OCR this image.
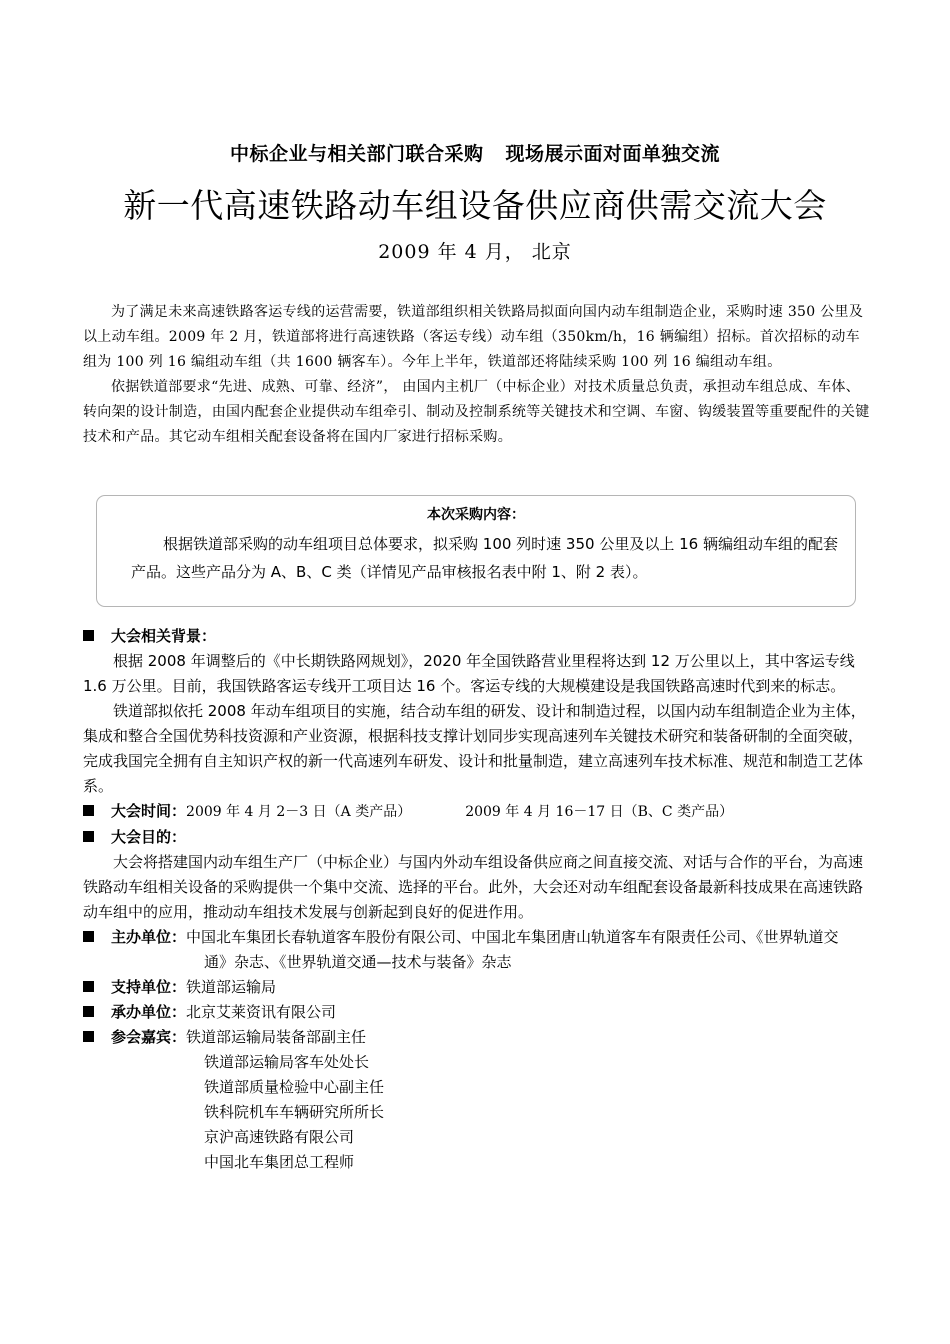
中标企业与相关部门联合采购 现场展示面对面单独交流
新一代高速铁路动车组设备供应商供需交流大会
2009 年 4 月， 北京

为了满足未来高速铁路客运专线的运营需要，铁道部组织相关铁路局拟面向国内动车组制造企业，采购时速 350 公里及以上动车组。2009 年 2 月，铁道部将进行高速铁路（客运专线）动车组（350km/h，16 辆编组）招标。首次招标的动车组为 100 列 16 编组动车组（共 1600 辆客车）。今年上半年，铁道部还将陆续采购 100 列 16 编组动车组。

依据铁道部要求“先进、成熟、可靠、经济”， 由国内主机厂（中标企业）对技术质量总负责，承担动车组总成、车体、转向架的设计制造，由国内配套企业提供动车组牵引、制动及控制系统等关键技术和空调、车窗、钩缓装置等重要配件的关键技术和产品。其它动车组相关配套设备将在国内厂家进行招标采购。

本次采购内容：

根据铁道部采购的动车组项目总体要求，拟采购 100 列时速 350 公里及以上 16 辆编组动车组的配套

产品。这些产品分为 A、B、C 类（详情见产品审核报名表中附 1、附 2 表）。

大会相关背景：

根据 2008 年调整后的《中长期铁路网规划》，2020 年全国铁路营业里程将达到 12 万公里以上，其中客运专线 1.6 万公里。目前，我国铁路客运专线开工项目达 16 个。客运专线的大规模建设是我国铁路高速时代到来的标志。

铁道部拟依托 2008 年动车组项目的实施，结合动车组的研发、设计和制造过程，以国内动车组制造企业为主体，集成和整合全国优势科技资源和产业资源，根据科技支撑计划同步实现高速列车关键技术研究和装备研制的全面突破，完成我国完全拥有自主知识产权的新一代高速列车研发、设计和批量制造，建立高速列车技术标准、规范和制造工艺体系。

大会时间：2009 年 4 月 2－3 日（A 类产品）	2009 年 4 月 16－17 日（B、C 类产品）

大会目的：

大会将搭建国内动车组生产厂（中标企业）与国内外动车组设备供应商之间直接交流、对话与合作的平台，为高速铁路动车组相关设备的采购提供一个集中交流、选择的平台。此外，大会还对动车组配套设备最新科技成果在高速铁路动车组中的应用，推动动车组技术发展与创新起到良好的促进作用。

主办单位：中国北车集团长春轨道客车股份有限公司、中国北车集团唐山轨道客车有限责任公司、《世界轨道交

通》杂志、《世界轨道交通—技术与装备》杂志

支持单位：铁道部运输局

承办单位：北京艾莱资讯有限公司

参会嘉宾：铁道部运输局装备部副主任

铁道部运输局客车处处长

铁道部质量检验中心副主任

铁科院机车车辆研究所所长

京沪高速铁路有限公司

中国北车集团总工程师
